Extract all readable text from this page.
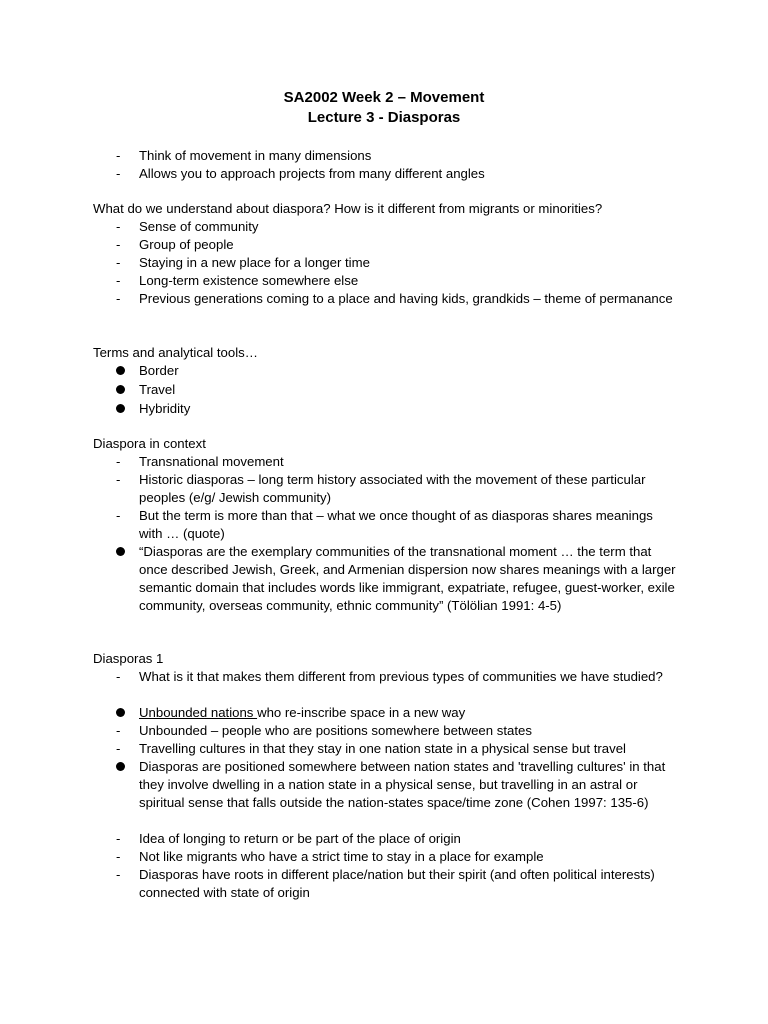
SA2002 Week 2 – Movement
Lecture 3 - Diasporas
-	Think of movement in many dimensions
-	Allows you to approach projects from many different angles
What do we understand about diaspora? How is it different from migrants or minorities?
-	Sense of community
-	Group of people
-	Staying in a new place for a longer time
-	Long-term existence somewhere else
-	Previous generations coming to a place and having kids, grandkids – theme of permanance
Terms and analytical tools…
Border
Travel
Hybridity
Diaspora in context
-	Transnational movement
-	Historic diasporas – long term history associated with the movement of these particular peoples (e/g/ Jewish community)
-	But the term is more than that – what we once thought of as diasporas shares meanings with … (quote)
“Diasporas are the exemplary communities of the transnational moment … the term that once described Jewish, Greek, and Armenian dispersion now shares meanings with a larger semantic domain that includes words like immigrant, expatriate, refugee, guest-worker, exile community, overseas community, ethnic community” (Tölölian 1991: 4-5)
Diasporas 1
-	What is it that makes them different from previous types of communities we have studied?
Unbounded nations who re-inscribe space in a new way
-	Unbounded – people who are positions somewhere between states
-	Travelling cultures in that they stay in one nation state in a physical sense but travel
Diasporas are positioned somewhere between nation states and 'travelling cultures' in that they involve dwelling in a nation state in a physical sense, but travelling in an astral or spiritual sense that falls outside the nation-states space/time zone (Cohen 1997: 135-6)
-	Idea of longing to return or be part of the place of origin
-	Not like migrants who have a strict time to stay in a place for example
-	Diasporas have roots in different place/nation but their spirit (and often political interests) connected with state of origin
